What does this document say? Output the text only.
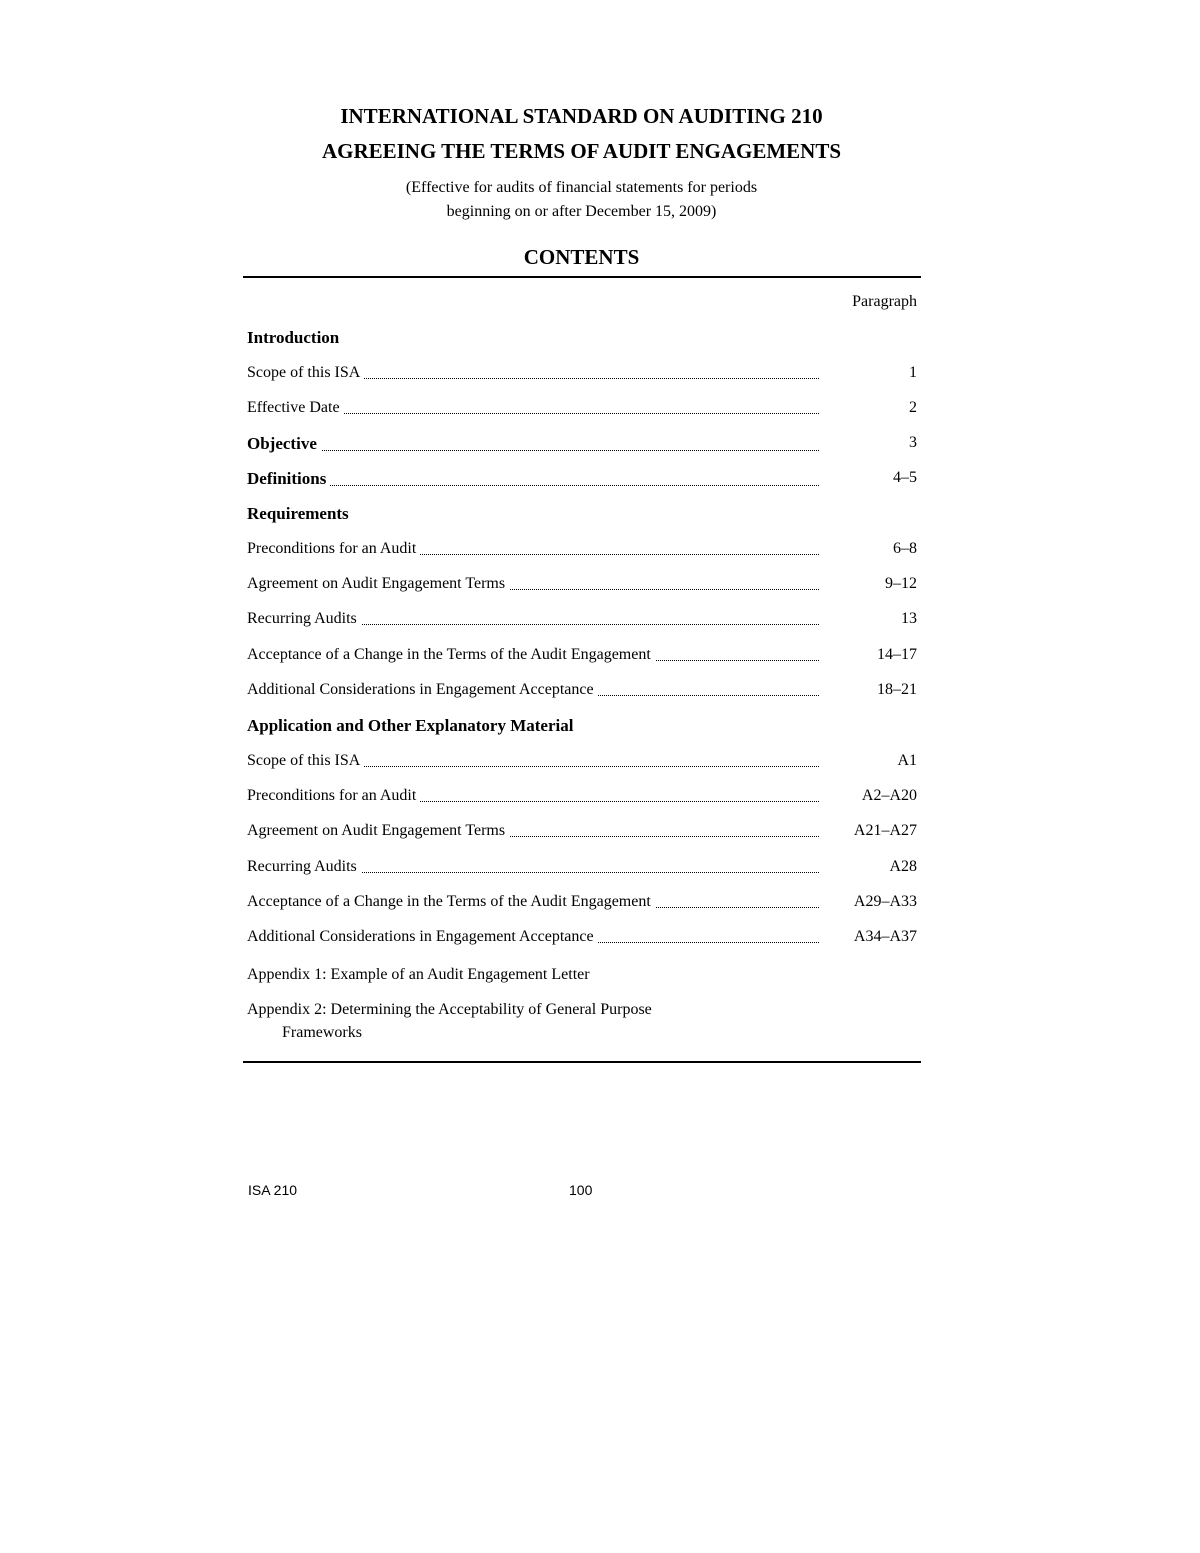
INTERNATIONAL STANDARD ON AUDITING 210
AGREEING THE TERMS OF AUDIT ENGAGEMENTS
(Effective for audits of financial statements for periods
beginning on or after December 15, 2009)
CONTENTS
Paragraph
Introduction
Scope of this ISA	1
Effective Date	2
Objective	3
Definitions	4–5
Requirements
Preconditions for an Audit	6–8
Agreement on Audit Engagement Terms	9–12
Recurring Audits	13
Acceptance of a Change in the Terms of the Audit Engagement	14–17
Additional Considerations in Engagement Acceptance	18–21
Application and Other Explanatory Material
Scope of this ISA	A1
Preconditions for an Audit	A2–A20
Agreement on Audit Engagement Terms	A21–A27
Recurring Audits	A28
Acceptance of a Change in the Terms of the Audit Engagement	A29–A33
Additional Considerations in Engagement Acceptance	A34–A37
Appendix 1: Example of an Audit Engagement Letter
Appendix 2: Determining the Acceptability of General Purpose
Frameworks
ISA 210	100
